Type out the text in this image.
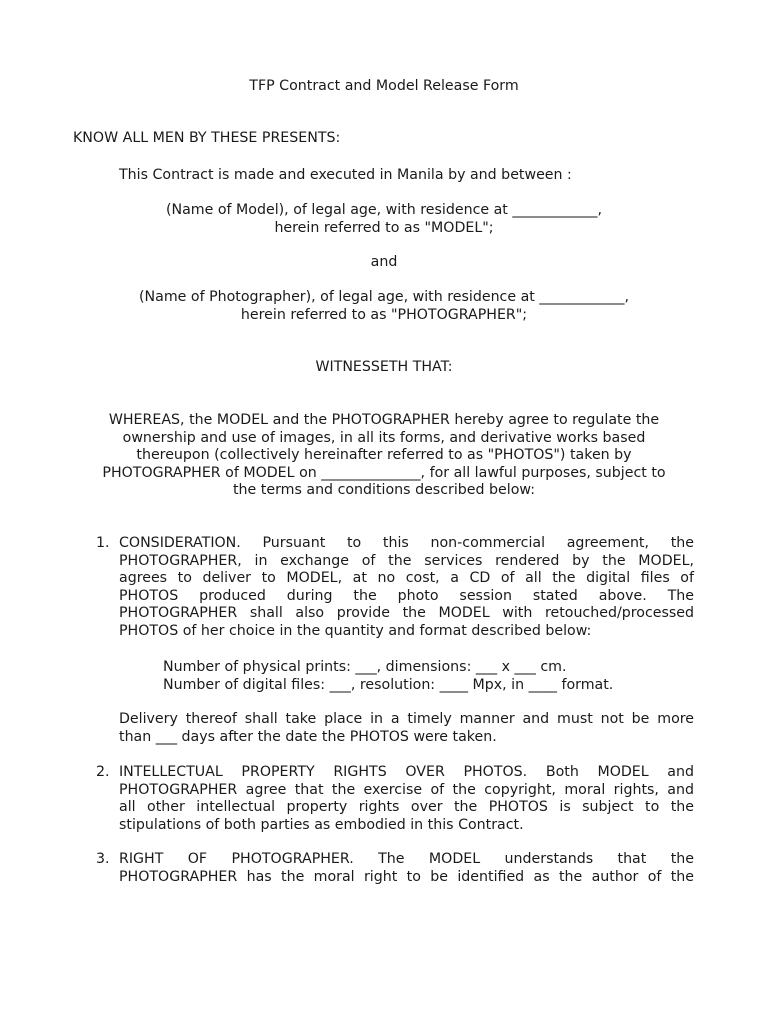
TFP Contract and Model Release Form
KNOW ALL MEN BY THESE PRESENTS:
This Contract is made and executed in Manila by and between :
(Name of Model), of legal age, with residence at ____________,
herein referred to as "MODEL";
and
(Name of Photographer), of legal age, with residence at ____________,
herein referred to as "PHOTOGRAPHER";
WITNESSETH THAT:
WHEREAS, the MODEL and the PHOTOGRAPHER hereby agree to regulate the
ownership and use of images, in all its forms, and derivative works based
thereupon (collectively hereinafter referred to as "PHOTOS") taken by
PHOTOGRAPHER of MODEL on ______________, for all lawful purposes, subject to
the terms and conditions described below:
1. CONSIDERATION. Pursuant to this non-commercial agreement, the
PHOTOGRAPHER, in exchange of the services rendered by the MODEL,
agrees to deliver to MODEL, at no cost, a CD of all the digital files of
PHOTOS produced during the photo session stated above. The
PHOTOGRAPHER shall also provide the MODEL with retouched/processed
PHOTOS of her choice in the quantity and format described below:
Number of physical prints: ___, dimensions: ___ x ___ cm.
Number of digital files: ___, resolution: ____ Mpx, in ____ format.
Delivery thereof shall take place in a timely manner and must not be more
than ___ days after the date the PHOTOS were taken.
2. INTELLECTUAL PROPERTY RIGHTS OVER PHOTOS. Both MODEL and
PHOTOGRAPHER agree that the exercise of the copyright, moral rights, and
all other intellectual property rights over the PHOTOS is subject to the
stipulations of both parties as embodied in this Contract.
3. RIGHT OF PHOTOGRAPHER. The MODEL understands that the
PHOTOGRAPHER has the moral right to be identified as the author of the
